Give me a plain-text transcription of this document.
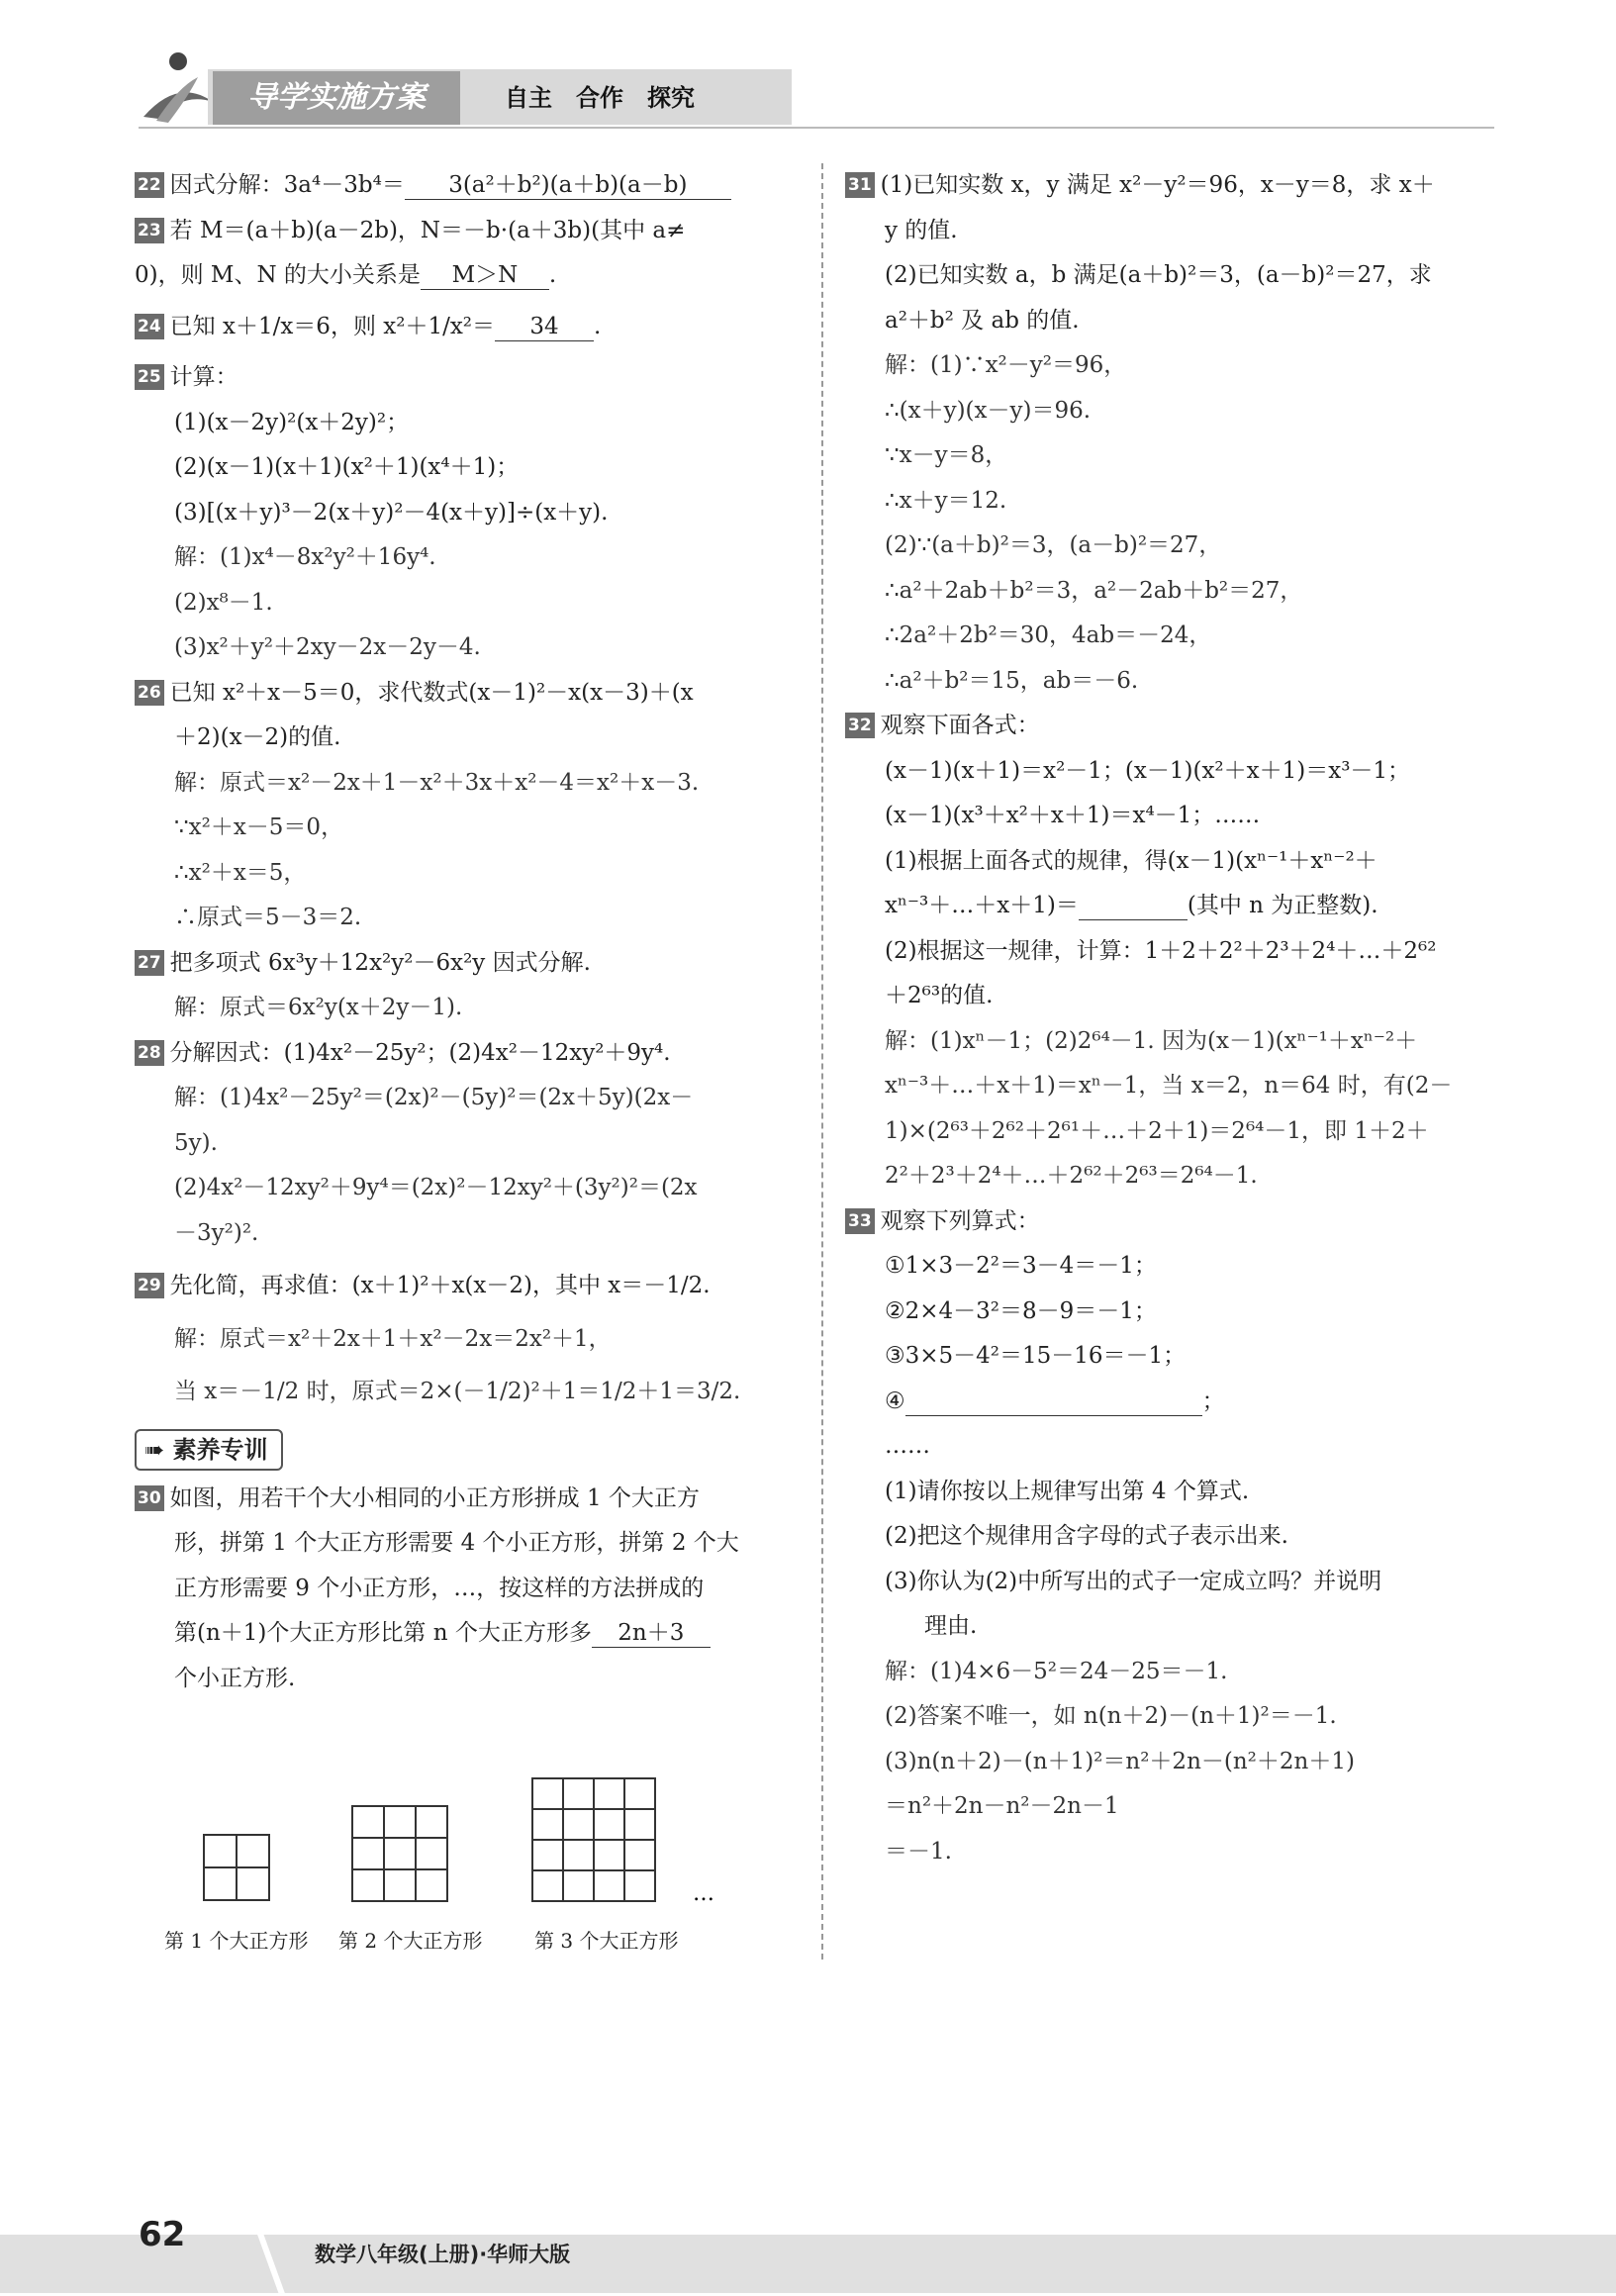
导学实施方案	自主　合作　探究
22 因式分解：3a⁴－3b⁴＝ 3(a²＋b²)(a＋b)(a－b)
23 若 M＝(a＋b)(a－2b)，N＝－b·(a＋3b)(其中 a≠
0)，则 M、N 的大小关系是 M＞N .
24 已知 x＋1/x＝6，则 x²＋1/x²＝ 34 .
25 计算：
(1)(x－2y)²(x＋2y)²；
(2)(x－1)(x＋1)(x²＋1)(x⁴＋1)；
(3)[(x＋y)³－2(x＋y)²－4(x＋y)]÷(x＋y).
解：(1)x⁴－8x²y²＋16y⁴.
(2)x⁸－1.
(3)x²＋y²＋2xy－2x－2y－4.
26 已知 x²＋x－5＝0，求代数式(x－1)²－x(x－3)＋(x
＋2)(x－2)的值.
解：原式＝x²－2x＋1－x²＋3x＋x²－4＝x²＋x－3.
∵x²＋x－5＝0，
∴x²＋x＝5，
∴原式＝5－3＝2.
27 把多项式 6x³y＋12x²y²－6x²y 因式分解.
解：原式＝6x²y(x＋2y－1).
28 分解因式：(1)4x²－25y²；(2)4x²－12xy²＋9y⁴.
解：(1)4x²－25y²＝(2x)²－(5y)²＝(2x＋5y)(2x－
5y).
(2)4x²－12xy²＋9y⁴＝(2x)²－12xy²＋(3y²)²＝(2x
－3y²)².
29 先化简，再求值：(x＋1)²＋x(x－2)，其中 x＝－1/2.
解：原式＝x²＋2x＋1＋x²－2x＝2x²＋1，
当 x＝－1/2 时，原式＝2×(－1/2)²＋1＝1/2＋1＝3/2.
➠ 素养专训
30 如图，用若干个大小相同的小正方形拼成 1 个大正方
形，拼第 1 个大正方形需要 4 个小正方形，拼第 2 个大
正方形需要 9 个小正方形，…，按这样的方法拼成的
第(n＋1)个大正方形比第 n 个大正方形多 2n＋3
个小正方形.
…
第 1 个大正方形 第 2 个大正方形	第 3 个大正方形
31 (1)已知实数 x，y 满足 x²－y²＝96，x－y＝8，求 x＋
y 的值.
(2)已知实数 a，b 满足(a＋b)²＝3，(a－b)²＝27，求
a²＋b² 及 ab 的值.
解：(1)∵x²－y²＝96，
∴(x＋y)(x－y)＝96.
∵x－y＝8，
∴x＋y＝12.
(2)∵(a＋b)²＝3，(a－b)²＝27，
∴a²＋2ab＋b²＝3，a²－2ab＋b²＝27，
∴2a²＋2b²＝30，4ab＝－24，
∴a²＋b²＝15，ab＝－6.
32 观察下面各式：
(x－1)(x＋1)＝x²－1；(x－1)(x²＋x＋1)＝x³－1；
(x－1)(x³＋x²＋x＋1)＝x⁴－1；……
(1)根据上面各式的规律，得(x－1)(xⁿ⁻¹＋xⁿ⁻²＋
xⁿ⁻³＋…＋x＋1)＝	(其中 n 为正整数).
(2)根据这一规律，计算：1＋2＋2²＋2³＋2⁴＋…＋2⁶²
＋2⁶³的值.
解：(1)xⁿ－1；(2)2⁶⁴－1. 因为(x－1)(xⁿ⁻¹＋xⁿ⁻²＋
xⁿ⁻³＋…＋x＋1)＝xⁿ－1，当 x＝2，n＝64 时，有(2－
1)×(2⁶³＋2⁶²＋2⁶¹＋…＋2＋1)＝2⁶⁴－1，即 1＋2＋
2²＋2³＋2⁴＋…＋2⁶²＋2⁶³＝2⁶⁴－1.
33 观察下列算式：
①1×3－2²＝3－4＝－1；
②2×4－3²＝8－9＝－1；
③3×5－4²＝15－16＝－1；
④	；
……
(1)请你按以上规律写出第 4 个算式.
(2)把这个规律用含字母的式子表示出来.
(3)你认为(2)中所写出的式子一定成立吗？并说明
理由.
解：(1)4×6－5²＝24－25＝－1.
(2)答案不唯一，如 n(n＋2)－(n＋1)²＝－1.
(3)n(n＋2)－(n＋1)²＝n²＋2n－(n²＋2n＋1)
＝n²＋2n－n²－2n－1
＝－1.
62	数学八年级(上册)·华师大版
